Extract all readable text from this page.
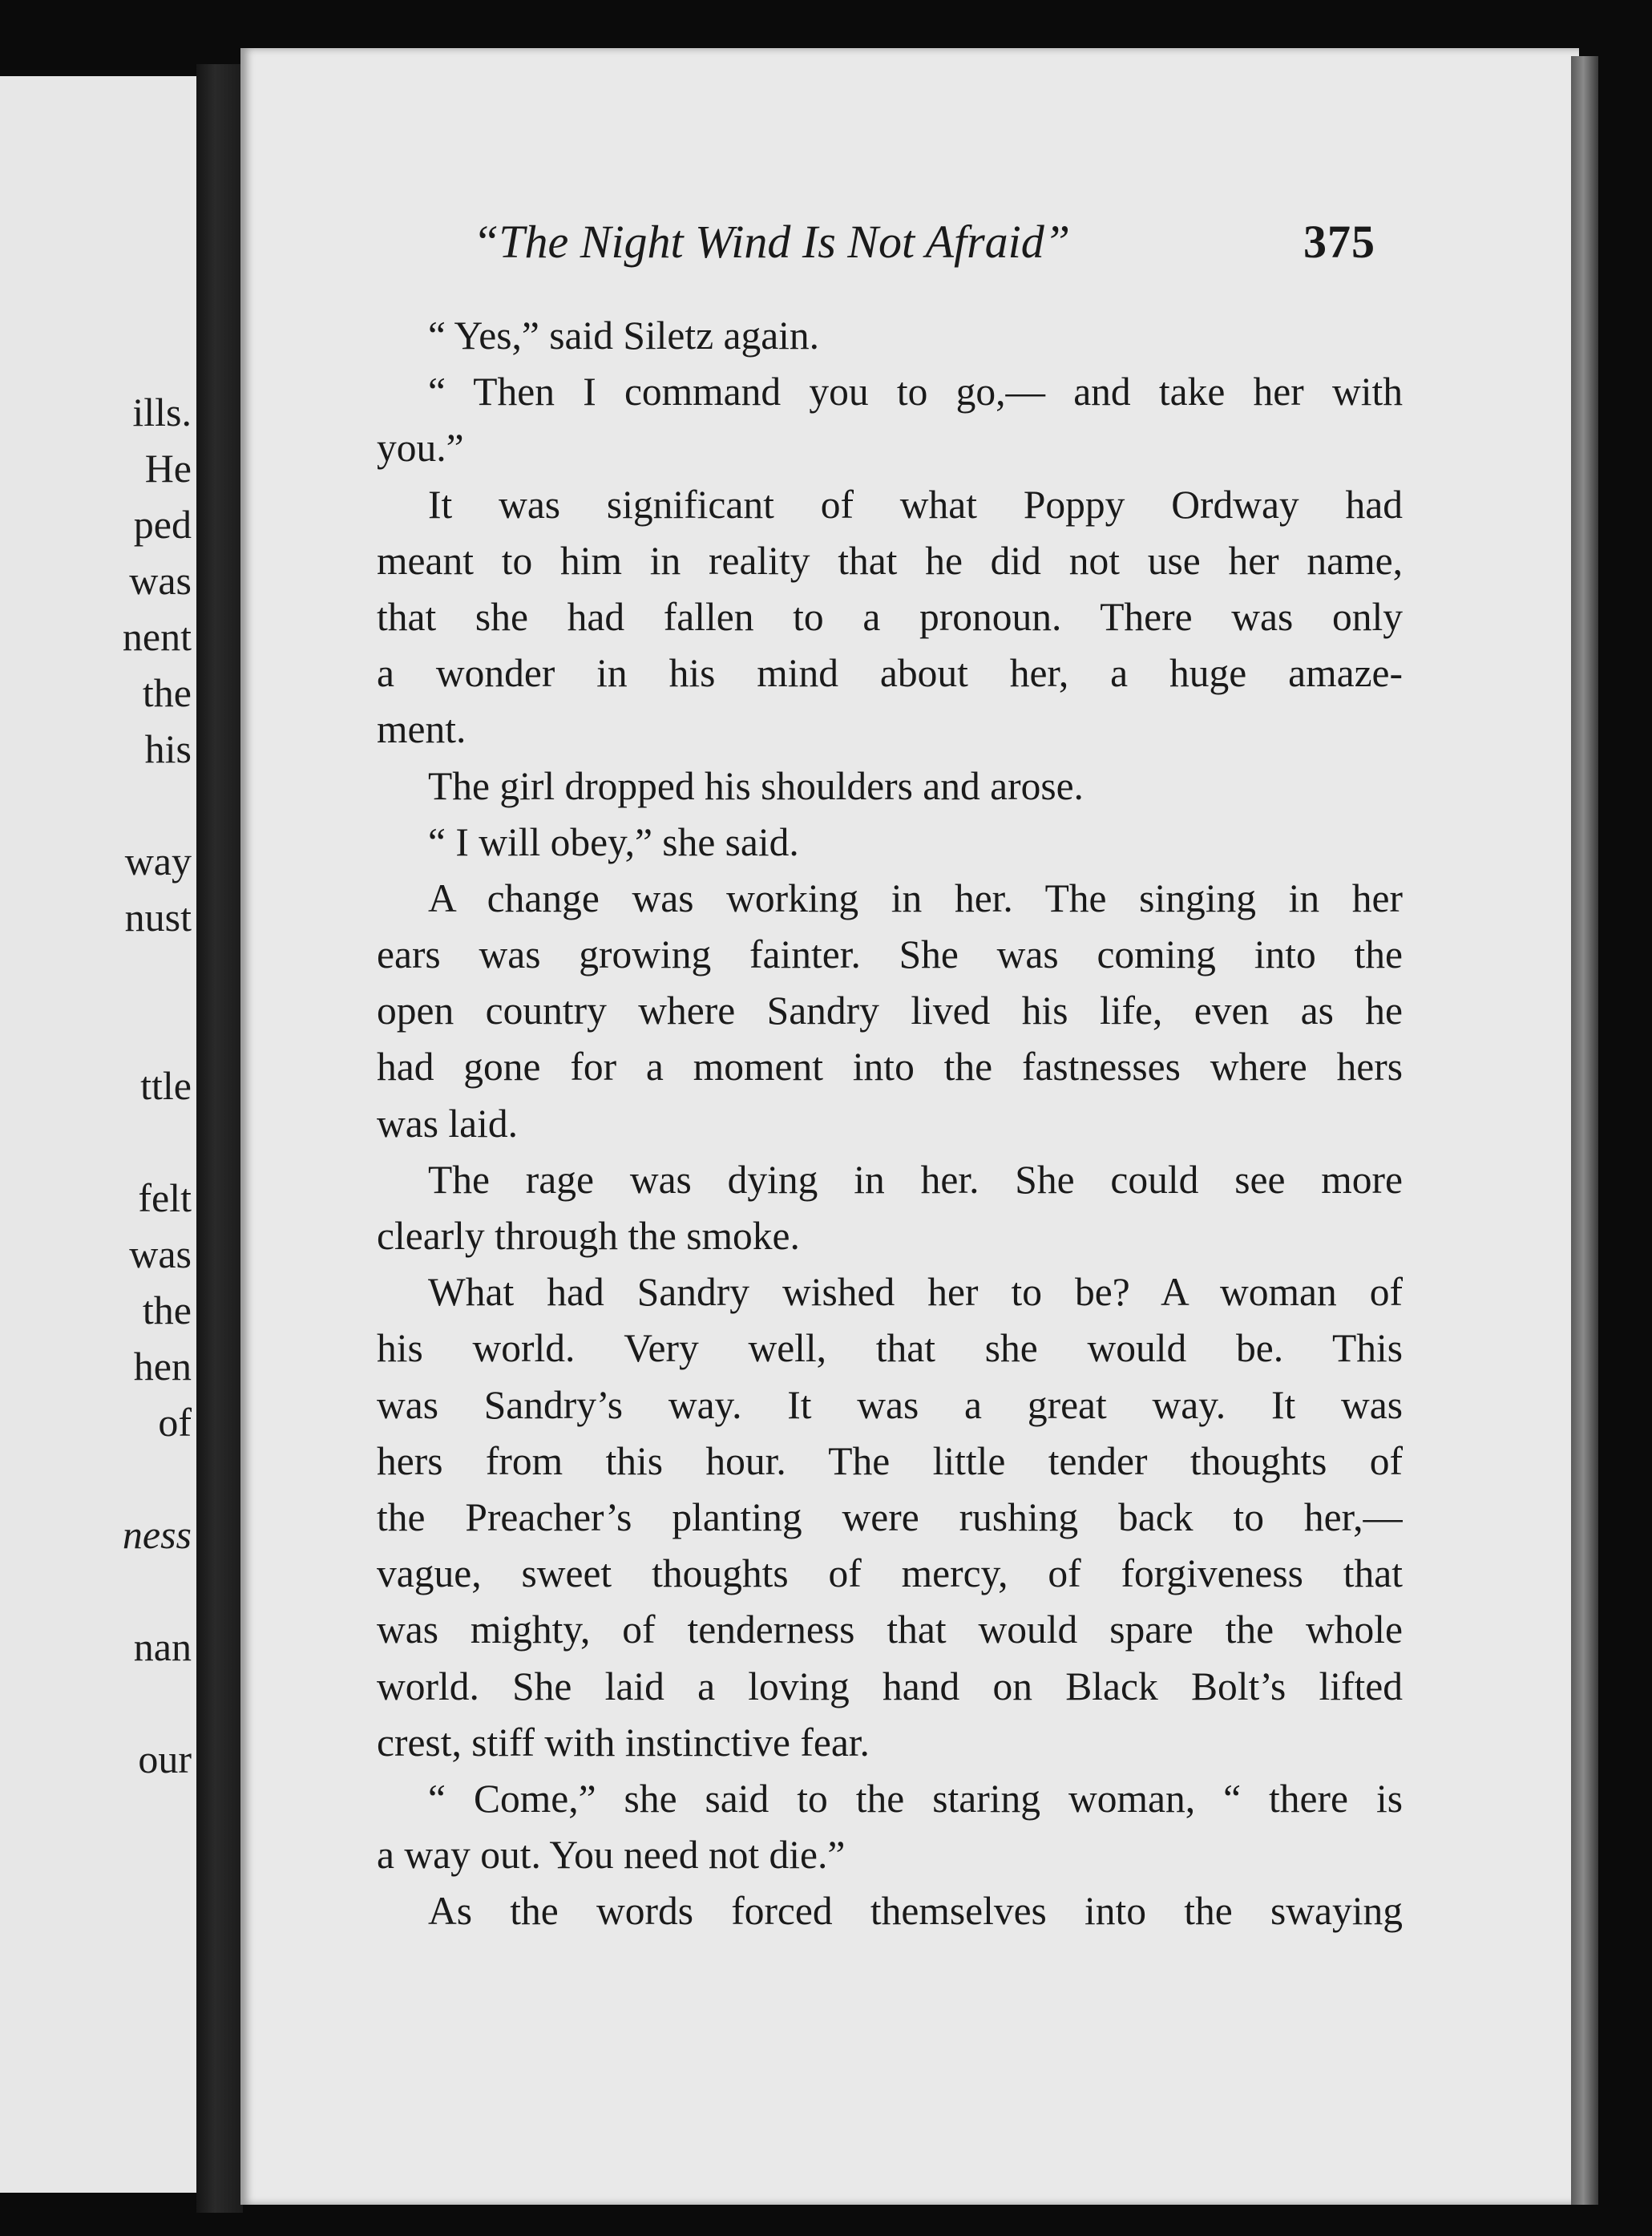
ills.
He
ped
was
nent
the
his
way
nust
ttle
felt
was
the
hen
of
ness
nan
our
“The Night Wind Is Not Afraid”	375
“ Yes,” said Siletz again.
“ Then I command you to go,— and take her with
you.”
It was significant of what Poppy Ordway had
meant to him in reality that he did not use her name,
that she had fallen to a pronoun. There was only
a wonder in his mind about her, a huge amaze-
ment.
The girl dropped his shoulders and arose.
“ I will obey,” she said.
A change was working in her. The singing in her
ears was growing fainter. She was coming into the
open country where Sandry lived his life, even as he
had gone for a moment into the fastnesses where hers
was laid.
The rage was dying in her. She could see more
clearly through the smoke.
What had Sandry wished her to be? A woman of
his world. Very well, that she would be. This
was Sandry’s way. It was a great way. It was
hers from this hour. The little tender thoughts of
the Preacher’s planting were rushing back to her,—
vague, sweet thoughts of mercy, of forgiveness that
was mighty, of tenderness that would spare the whole
world. She laid a loving hand on Black Bolt’s lifted
crest, stiff with instinctive fear.
“ Come,” she said to the staring woman, “ there is
a way out. You need not die.”
As the words forced themselves into the swaying
